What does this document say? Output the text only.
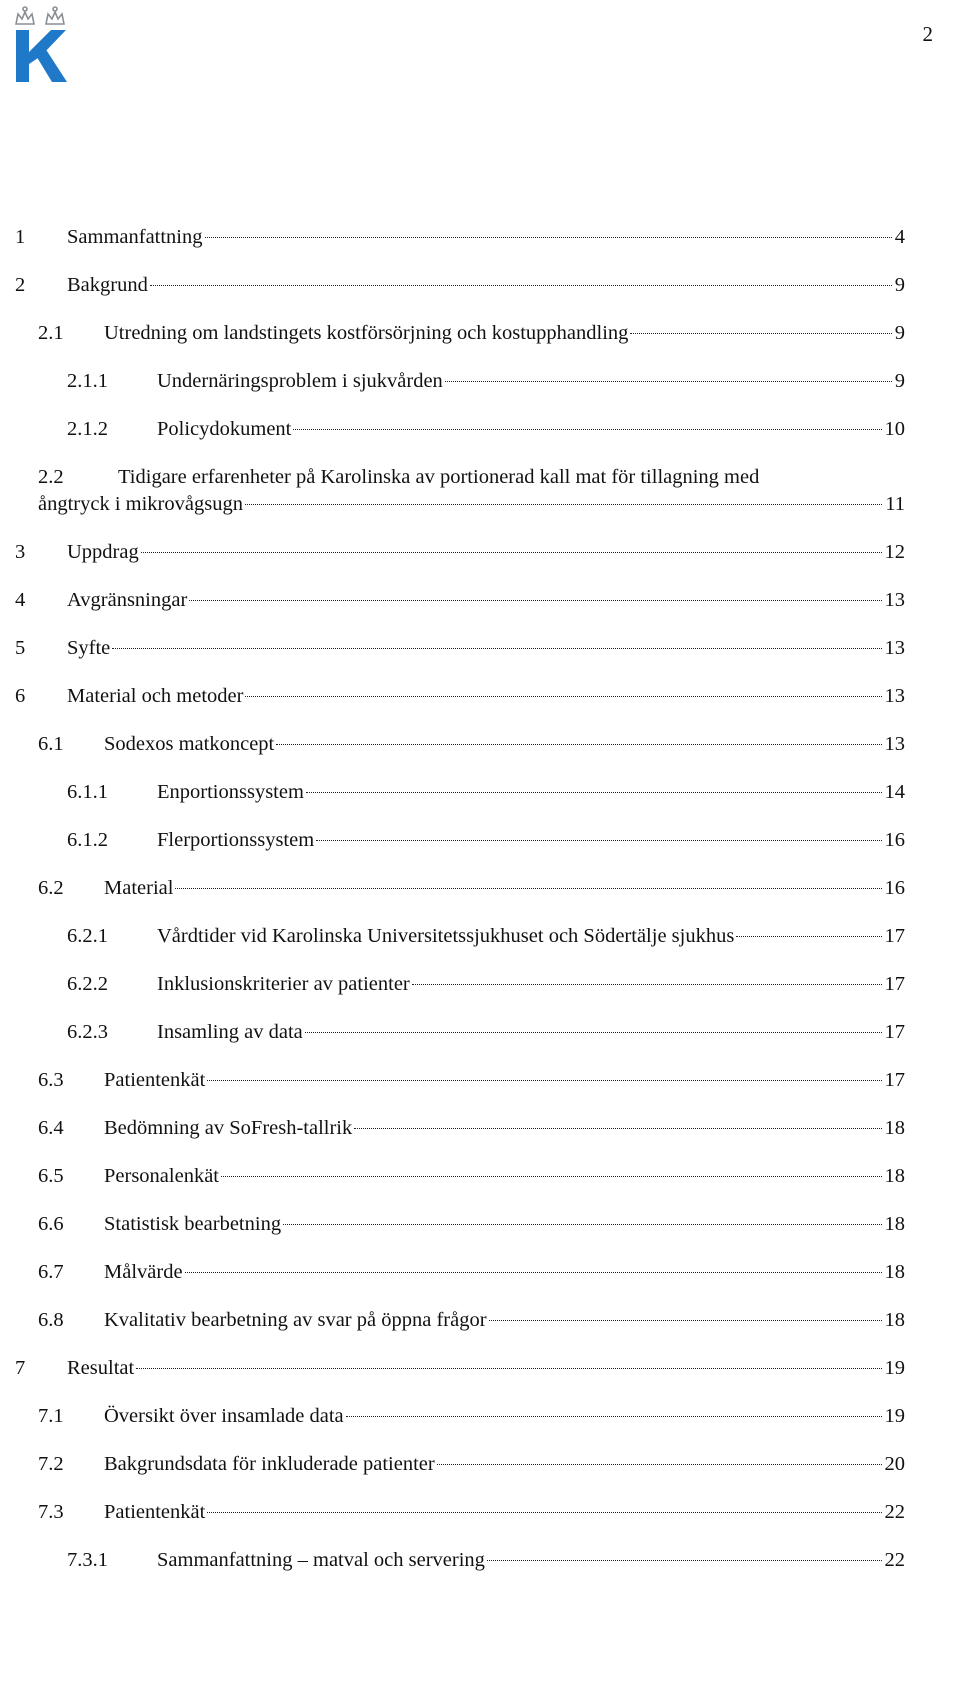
2
1	Sammanfattning	4
2	Bakgrund	9
2.1	Utredning om landstingets kostförsörjning och kostupphandling	9
2.1.1	Undernäringsproblem i sjukvården	9
2.1.2	Policydokument	10
2.2	Tidigare erfarenheter på Karolinska av portionerad kall mat för tillagning med
ångtryck i mikrovågsugn	11
3	Uppdrag	12
4	Avgränsningar	13
5	Syfte	13
6	Material och metoder	13
6.1	Sodexos matkoncept	13
6.1.1	Enportionssystem	14
6.1.2	Flerportionssystem	16
6.2	Material	16
6.2.1	Vårdtider vid Karolinska Universitetssjukhuset och Södertälje sjukhus	17
6.2.2	Inklusionskriterier av patienter	17
6.2.3	Insamling av data	17
6.3	Patientenkät	17
6.4	Bedömning av SoFresh-tallrik	18
6.5	Personalenkät	18
6.6	Statistisk bearbetning	18
6.7	Målvärde	18
6.8	Kvalitativ bearbetning av svar på öppna frågor	18
7	Resultat	19
7.1	Översikt över insamlade data	19
7.2	Bakgrundsdata för inkluderade patienter	20
7.3	Patientenkät	22
7.3.1	Sammanfattning – matval och servering	22
